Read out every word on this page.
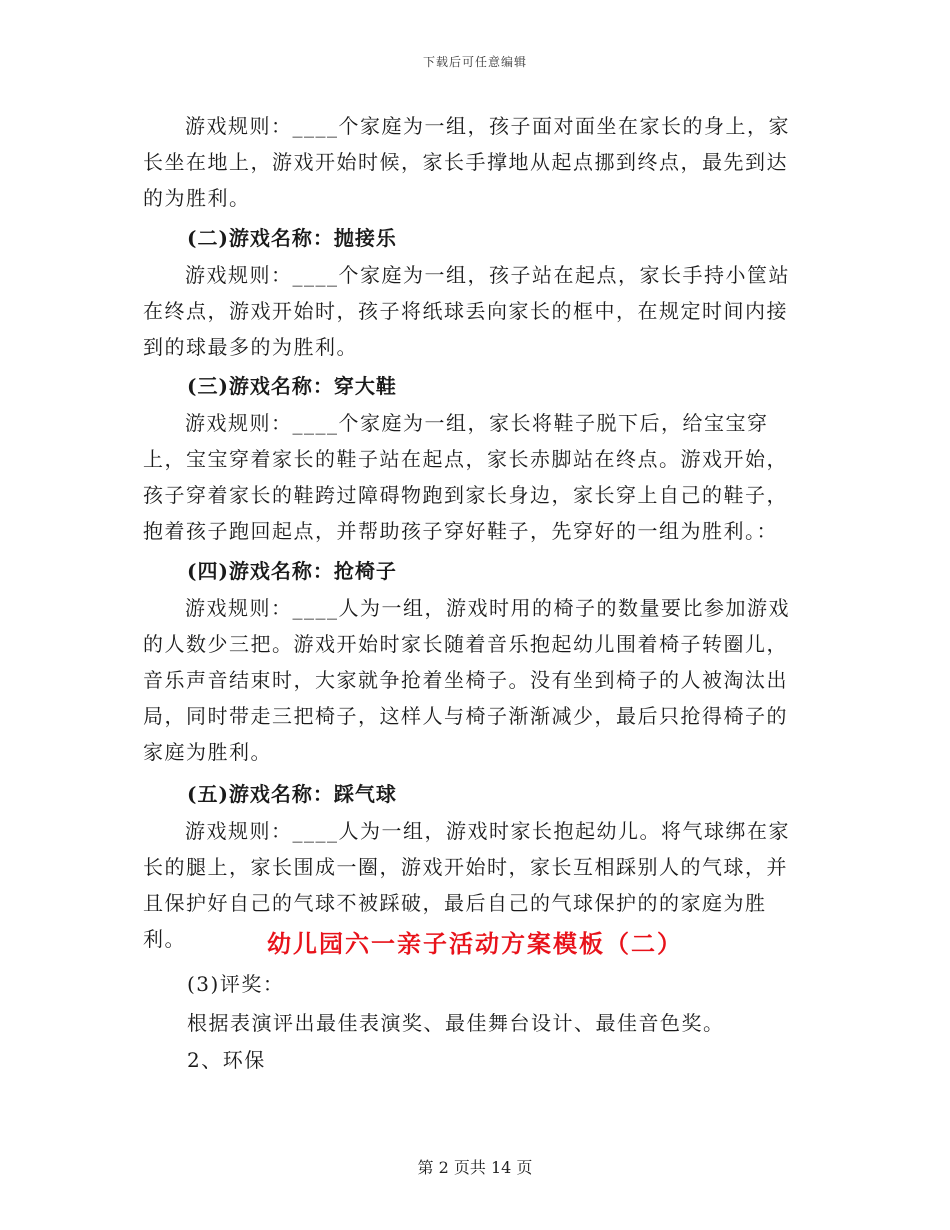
下载后可任意编辑

游戏规则：____个家庭为一组，孩子面对面坐在家长的身上，家长坐在地上，游戏开始时候，家长手撑地从起点挪到终点，最先到达的为胜利。

(二)游戏名称：抛接乐

游戏规则：____个家庭为一组，孩子站在起点，家长手持小筐站在终点，游戏开始时，孩子将纸球丢向家长的框中，在规定时间内接到的球最多的为胜利。

(三)游戏名称：穿大鞋

游戏规则：____个家庭为一组，家长将鞋子脱下后，给宝宝穿上，宝宝穿着家长的鞋子站在起点，家长赤脚站在终点。游戏开始，孩子穿着家长的鞋跨过障碍物跑到家长身边，家长穿上自己的鞋子，抱着孩子跑回起点，并帮助孩子穿好鞋子，先穿好的一组为胜利。：

(四)游戏名称：抢椅子

游戏规则：____人为一组，游戏时用的椅子的数量要比参加游戏的人数少三把。游戏开始时家长随着音乐抱起幼儿围着椅子转圈儿，音乐声音结束时，大家就争抢着坐椅子。没有坐到椅子的人被淘汰出局，同时带走三把椅子，这样人与椅子渐渐减少，最后只抢得椅子的家庭为胜利。

(五)游戏名称：踩气球

游戏规则：____人为一组，游戏时家长抱起幼儿。将气球绑在家长的腿上，家长围成一圈，游戏开始时，家长互相踩别人的气球，并且保护好自己的气球不被踩破，最后自己的气球保护的的家庭为胜利。	幼儿园六一亲子活动方案模板（二）

(3)评奖：

根据表演评出最佳表演奖、最佳舞台设计、最佳音色奖。

2、环保

第 2 页共 14 页
